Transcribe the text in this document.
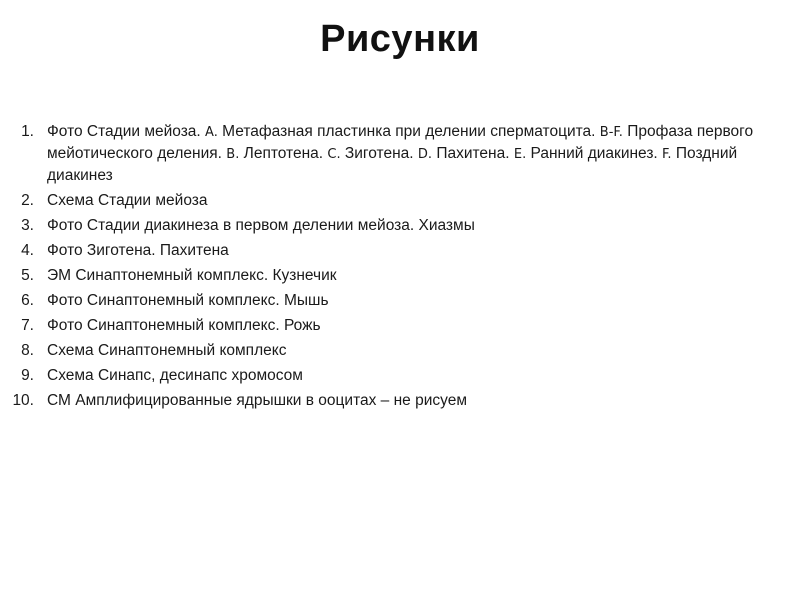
Рисунки
1. Фото Стадии мейоза. A. Метафазная пластинка при делении сперматоцита. B-F. Профаза первого мейотического деления. B. Лептотена. C. Зиготена. D. Пахитена. E. Ранний диакинез. F. Поздний диакинез
2. Схема Стадии мейоза
3. Фото Стадии диакинеза в первом делении мейоза. Хиазмы
4. Фото Зиготена. Пахитена
5. ЭМ Синаптонемный комплекс. Кузнечик
6. Фото Синаптонемный комплекс. Мышь
7. Фото Синаптонемный комплекс. Рожь
8. Схема Синаптонемный комплекс
9. Схема Синапс, десинапс хромосом
10. СМ Амплифицированные ядрышки в ооцитах – не рисуем
